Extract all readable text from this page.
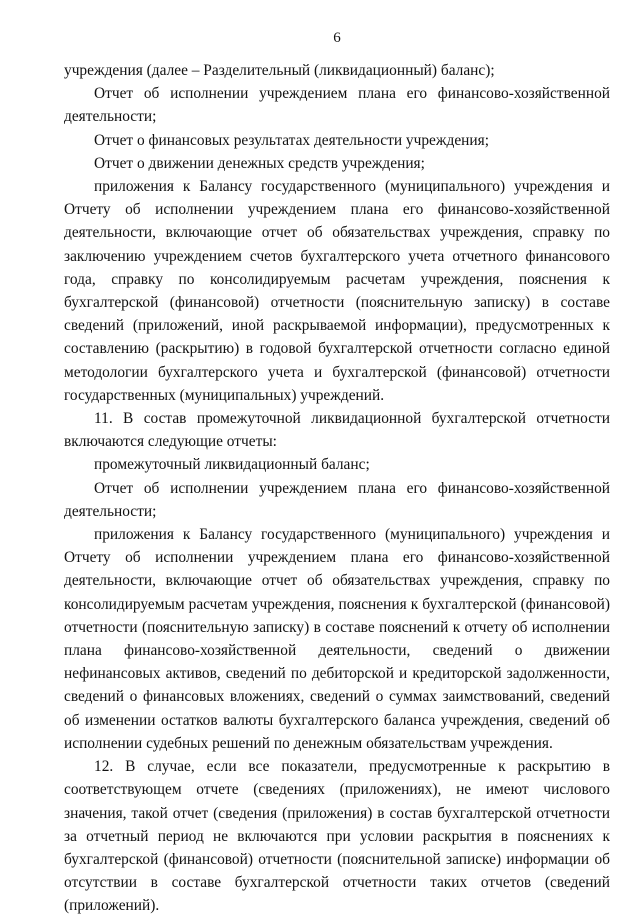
6

учреждения (далее – Разделительный (ликвидационный) баланс);

Отчет об исполнении учреждением плана его финансово-хозяйственной деятельности;

Отчет о финансовых результатах деятельности учреждения;

Отчет о движении денежных средств учреждения;

приложения к Балансу государственного (муниципального) учреждения и Отчету об исполнении учреждением плана его финансово-хозяйственной деятельности, включающие отчет об обязательствах учреждения, справку по заключению учреждением счетов бухгалтерского учета отчетного финансового года, справку по консолидируемым расчетам учреждения, пояснения к бухгалтерской (финансовой) отчетности (пояснительную записку) в составе сведений (приложений, иной раскрываемой информации), предусмотренных к составлению (раскрытию) в годовой бухгалтерской отчетности согласно единой методологии бухгалтерского учета и бухгалтерской (финансовой) отчетности государственных (муниципальных) учреждений.

11. В состав промежуточной ликвидационной бухгалтерской отчетности включаются следующие отчеты:

промежуточный ликвидационный баланс;

Отчет об исполнении учреждением плана его финансово-хозяйственной деятельности;

приложения к Балансу государственного (муниципального) учреждения и Отчету об исполнении учреждением плана его финансово-хозяйственной деятельности, включающие отчет об обязательствах учреждения, справку по консолидируемым расчетам учреждения, пояснения к бухгалтерской (финансовой) отчетности (пояснительную записку) в составе пояснений к отчету об исполнении плана финансово-хозяйственной деятельности, сведений о движении нефинансовых активов, сведений по дебиторской и кредиторской задолженности, сведений о финансовых вложениях, сведений о суммах заимствований, сведений об изменении остатков валюты бухгалтерского баланса учреждения, сведений об исполнении судебных решений по денежным обязательствам учреждения.

12. В случае, если все показатели, предусмотренные к раскрытию в соответствующем отчете (сведениях (приложениях), не имеют числового значения, такой отчет (сведения (приложения) в состав бухгалтерской отчетности за отчетный период не включаются при условии раскрытия в пояснениях к бухгалтерской (финансовой) отчетности (пояснительной записке) информации об отсутствии в составе бухгалтерской отчетности таких отчетов (сведений (приложений).
